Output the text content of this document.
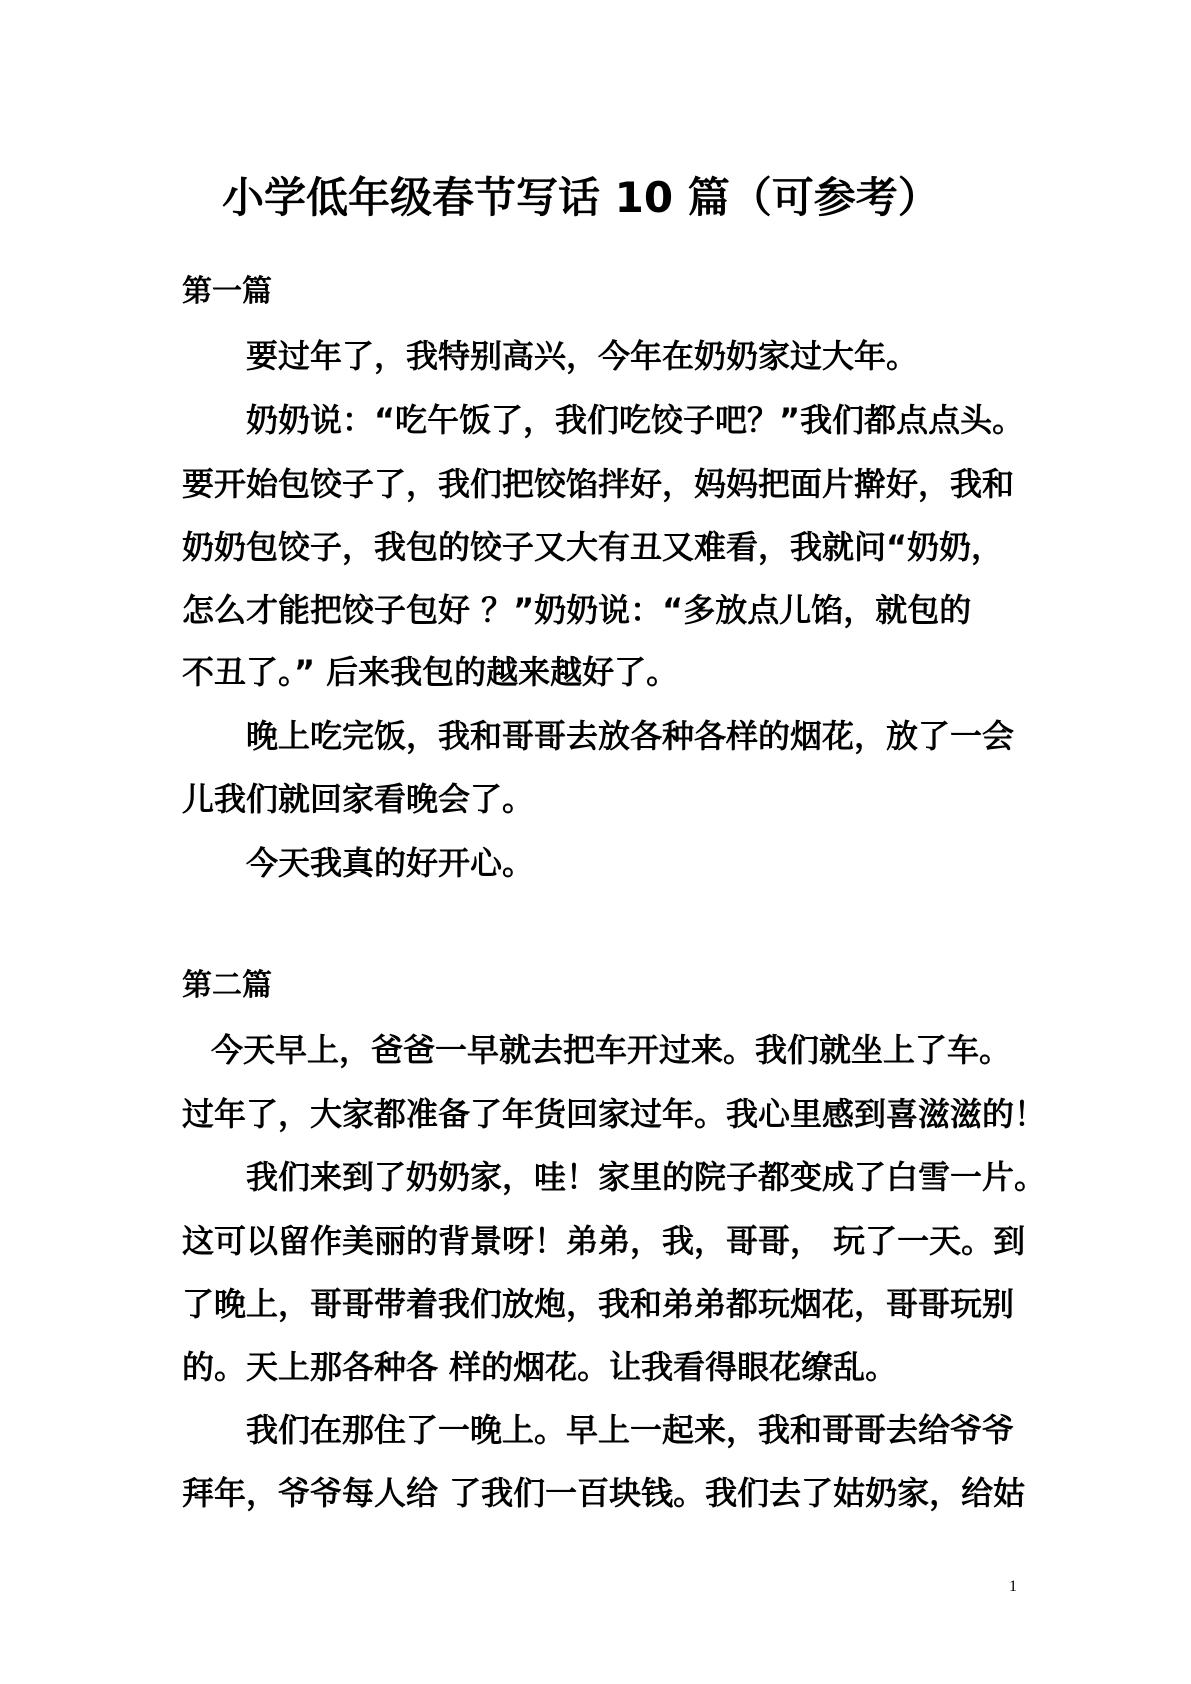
小学低年级春节写话 10 篇（可参考）
第一篇
要过年了，我特别高兴，今年在奶奶家过大年。
奶奶说：“吃午饭了，我们吃饺子吧？”我们都点点头。
要开始包饺子了，我们把饺馅拌好，妈妈把面片擀好，我和
奶奶包饺子，我包的饺子又大有丑又难看，我就问“奶奶，
怎么才能把饺子包好 ？”奶奶说：“多放点儿馅，就包的
不丑了。” 后来我包的越来越好了。
晚上吃完饭，我和哥哥去放各种各样的烟花，放了一会
儿我们就回家看晚会了。
今天我真的好开心。
第二篇
今天早上，爸爸一早就去把车开过来。我们就坐上了车。
过年了，大家都准备了年货回家过年。我心里感到喜滋滋的！
我们来到了奶奶家，哇！家里的院子都变成了白雪一片。
这可以留作美丽的背景呀！弟弟，我，哥哥， 玩了一天。到
了晚上，哥哥带着我们放炮，我和弟弟都玩烟花，哥哥玩别
的。天上那各种各 样的烟花。让我看得眼花缭乱。
我们在那住了一晚上。早上一起来，我和哥哥去给爷爷
拜年，爷爷每人给 了我们一百块钱。我们去了姑奶家，给姑
1
